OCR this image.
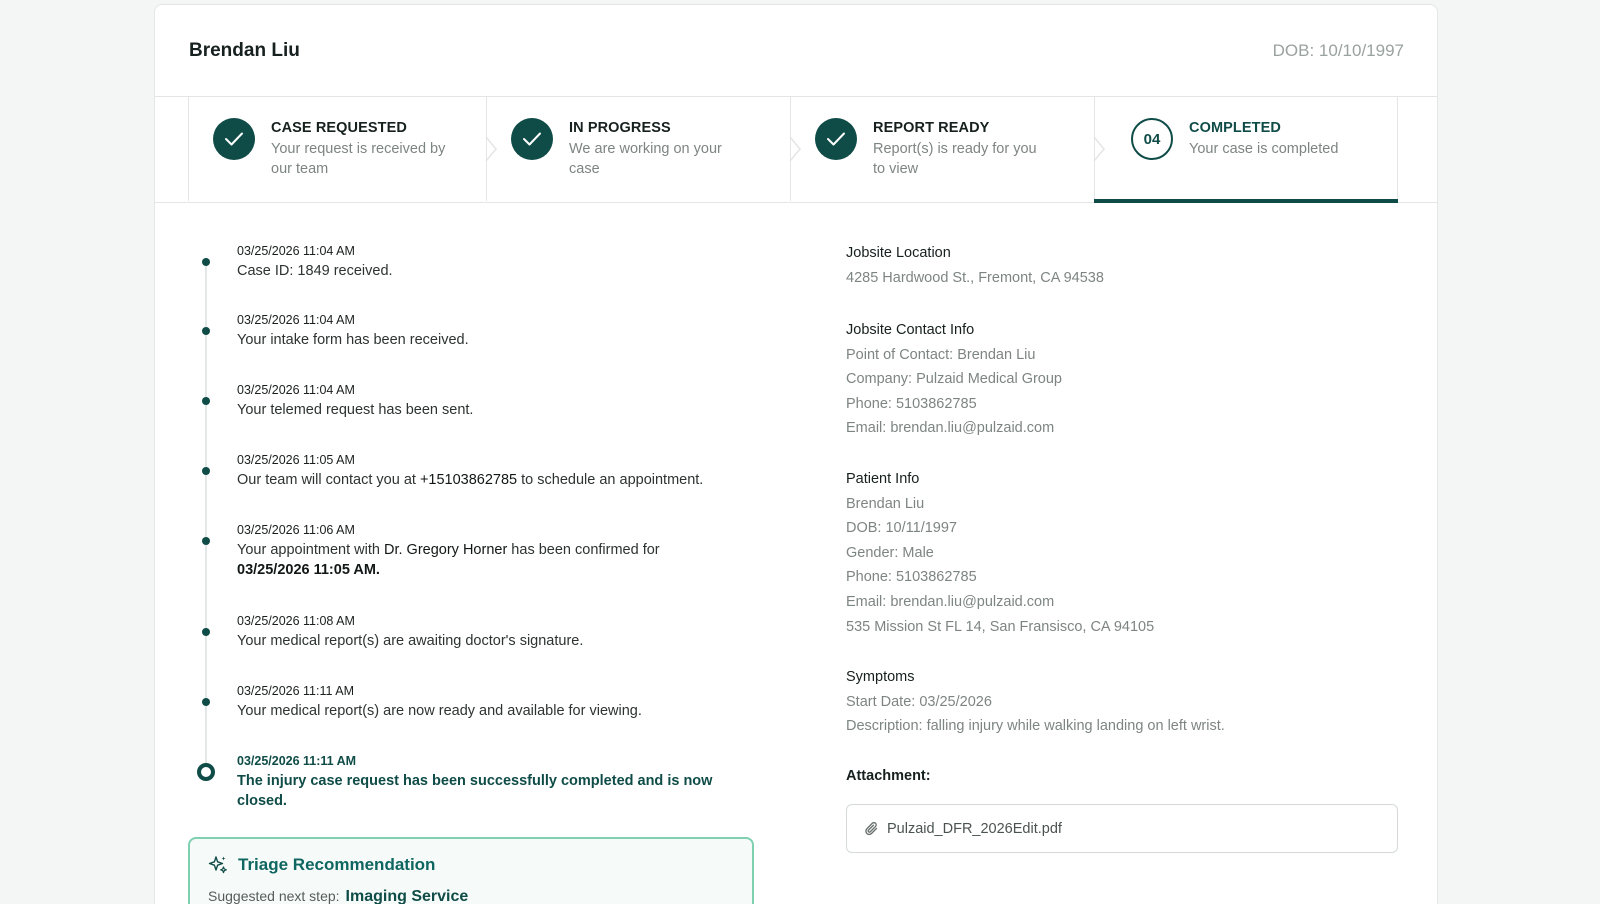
Brendan Liu	DOB: 10/10/1997
CASE REQUESTED
Your request is received by
our team
IN PROGRESS
We are working on your
case
REPORT READY
Report(s) is ready for you
to view
04
COMPLETED
Your case is completed
03/25/2026 11:04 AM
Case ID: 1849 received.
03/25/2026 11:04 AM
Your intake form has been received.
03/25/2026 11:04 AM
Your telemed request has been sent.
03/25/2026 11:05 AM
Our team will contact you at +15103862785 to schedule an appointment.
03/25/2026 11:06 AM
Your appointment with Dr. Gregory Horner has been confirmed for
03/25/2026 11:05 AM.
03/25/2026 11:08 AM
Your medical report(s) are awaiting doctor's signature.
03/25/2026 11:11 AM
Your medical report(s) are now ready and available for viewing.
03/25/2026 11:11 AM
The injury case request has been successfully completed and is now
closed.
Triage Recommendation
Suggested next step: Imaging Service
Jobsite Location
4285 Hardwood St., Fremont, CA 94538
Jobsite Contact Info
Point of Contact: Brendan Liu
Company: Pulzaid Medical Group
Phone: 5103862785
Email: brendan.liu@pulzaid.com
Patient Info
Brendan Liu
DOB: 10/11/1997
Gender: Male
Phone: 5103862785
Email: brendan.liu@pulzaid.com
535 Mission St FL 14, San Fransisco, CA 94105
Symptoms
Start Date: 03/25/2026
Description: falling injury while walking landing on left wrist.
Attachment:
Pulzaid_DFR_2026Edit.pdf
